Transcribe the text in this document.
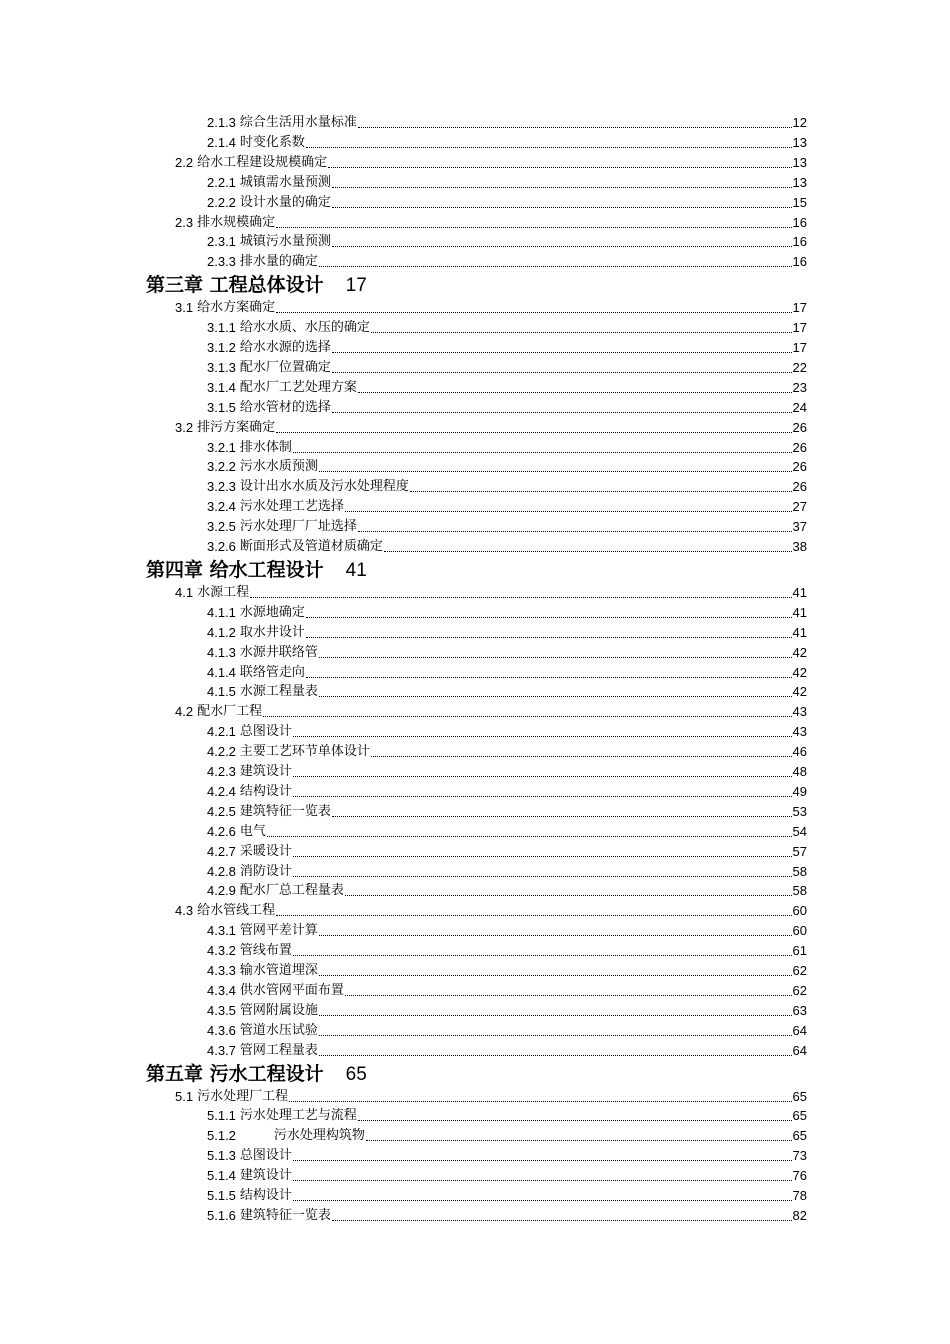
2.1.3 综合生活用水量标准	12
2.1.4 时变化系数	13
2.2 给水工程建设规模确定	13
2.2.1 城镇需水量预测	13
2.2.2 设计水量的确定	15
2.3 排水规模确定	16
2.3.1 城镇污水量预测	16
2.3.3 排水量的确定	16
第三章 工程总体设计 17
3.1 给水方案确定	17
3.1.1 给水水质、水压的确定	17
3.1.2 给水水源的选择	17
3.1.3 配水厂位置确定	22
3.1.4 配水厂工艺处理方案	23
3.1.5 给水管材的选择	24
3.2 排污方案确定	26
3.2.1 排水体制	26
3.2.2 污水水质预测	26
3.2.3 设计出水水质及污水处理程度	26
3.2.4 污水处理工艺选择	27
3.2.5 污水处理厂厂址选择	37
3.2.6 断面形式及管道材质确定	38
第四章 给水工程设计 41
4.1 水源工程	41
4.1.1 水源地确定	41
4.1.2 取水井设计	41
4.1.3 水源井联络管	42
4.1.4 联络管走向	42
4.1.5 水源工程量表	42
4.2 配水厂工程	43
4.2.1 总图设计	43
4.2.2 主要工艺环节单体设计	46
4.2.3 建筑设计	48
4.2.4 结构设计	49
4.2.5 建筑特征一览表	53
4.2.6 电气	54
4.2.7 采暖设计	57
4.2.8 消防设计	58
4.2.9 配水厂总工程量表	58
4.3 给水管线工程	60
4.3.1 管网平差计算	60
4.3.2 管线布置	61
4.3.3 输水管道埋深	62
4.3.4 供水管网平面布置	62
4.3.5 管网附属设施	63
4.3.6 管道水压试验	64
4.3.7 管网工程量表	64
第五章 污水工程设计 65
5.1 污水处理厂工程	65
5.1.1 污水处理工艺与流程	65
5.1.2	污水处理构筑物	65
5.1.3 总图设计	73
5.1.4 建筑设计	76
5.1.5 结构设计	78
5.1.6 建筑特征一览表	82
